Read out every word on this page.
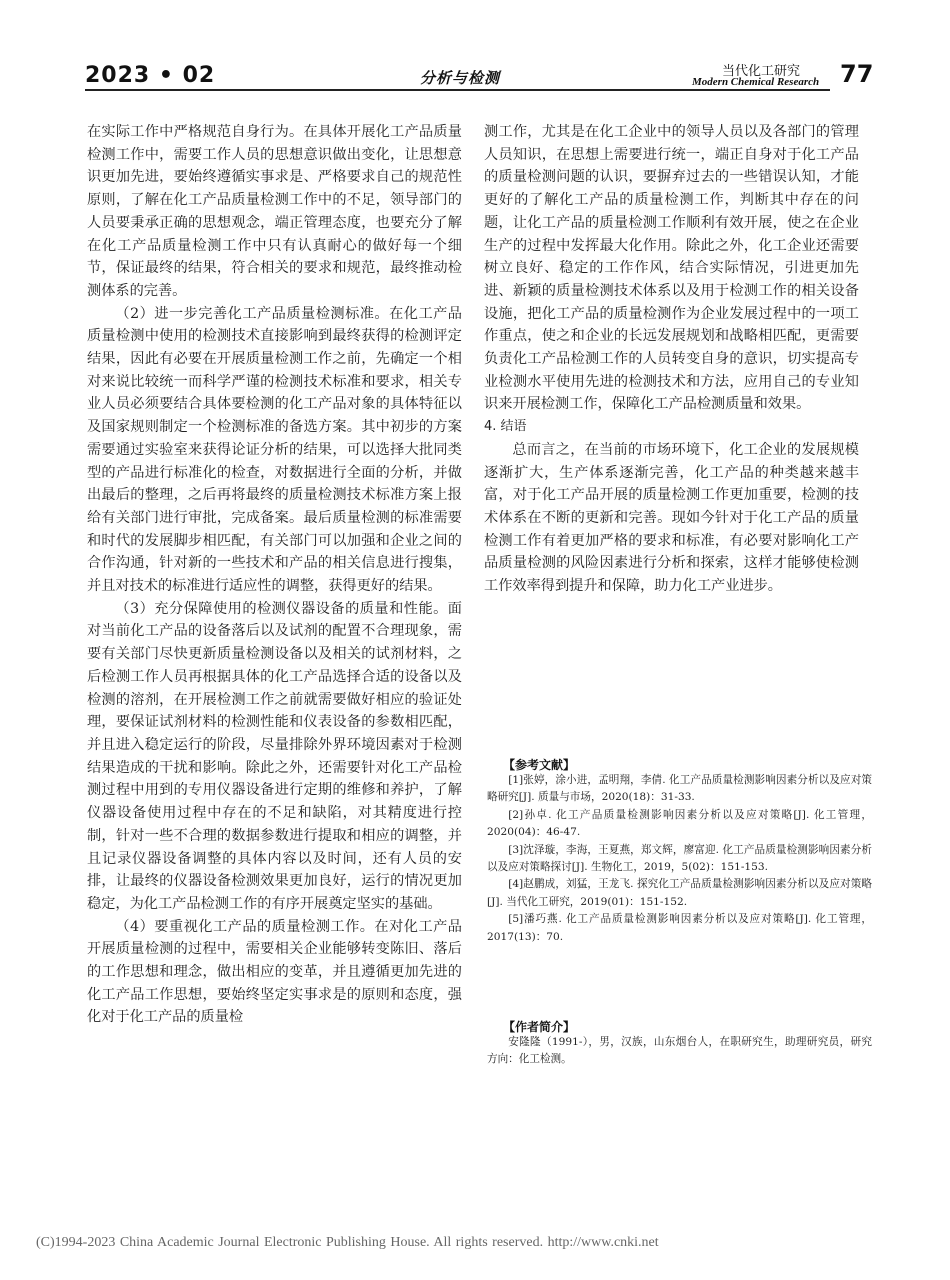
2023 • 02	分析与检测	当代化工研究
Modern Chemical Research 77

在实际工作中严格规范自身行为。在具体开展化工产品质量检测工作中，需要工作人员的思想意识做出变化，让思想意识更加先进，要始终遵循实事求是、严格要求自己的规范性原则，了解在化工产品质量检测工作中的不足，领导部门的人员要秉承正确的思想观念，端正管理态度，也要充分了解在化工产品质量检测工作中只有认真耐心的做好每一个细节，保证最终的结果，符合相关的要求和规范，最终推动检测体系的完善。

（2）进一步完善化工产品质量检测标准。在化工产品质量检测中使用的检测技术直接影响到最终获得的检测评定结果，因此有必要在开展质量检测工作之前，先确定一个相对来说比较统一而科学严谨的检测技术标准和要求，相关专业人员必须要结合具体要检测的化工产品对象的具体特征以及国家规则制定一个检测标准的备选方案。其中初步的方案需要通过实验室来获得论证分析的结果，可以选择大批同类型的产品进行标准化的检查，对数据进行全面的分析，并做出最后的整理，之后再将最终的质量检测技术标准方案上报给有关部门进行审批，完成备案。最后质量检测的标准需要和时代的发展脚步相匹配，有关部门可以加强和企业之间的合作沟通，针对新的一些技术和产品的相关信息进行搜集，并且对技术的标准进行适应性的调整，获得更好的结果。

（3）充分保障使用的检测仪器设备的质量和性能。面对当前化工产品的设备落后以及试剂的配置不合理现象，需要有关部门尽快更新质量检测设备以及相关的试剂材料，之后检测工作人员再根据具体的化工产品选择合适的设备以及检测的溶剂，在开展检测工作之前就需要做好相应的验证处理，要保证试剂材料的检测性能和仪表设备的参数相匹配，并且进入稳定运行的阶段，尽量排除外界环境因素对于检测结果造成的干扰和影响。除此之外，还需要针对化工产品检测过程中用到的专用仪器设备进行定期的维修和养护，了解仪器设备使用过程中存在的不足和缺陷，对其精度进行控制，针对一些不合理的数据参数进行提取和相应的调整，并且记录仪器设备调整的具体内容以及时间，还有人员的安排，让最终的仪器设备检测效果更加良好，运行的情况更加稳定，为化工产品检测工作的有序开展奠定坚实的基础。

（4）要重视化工产品的质量检测工作。在对化工产品开展质量检测的过程中，需要相关企业能够转变陈旧、落后的工作思想和理念，做出相应的变革，并且遵循更加先进的化工产品工作思想，要始终坚定实事求是的原则和态度，强化对于化工产品的质量检

测工作，尤其是在化工企业中的领导人员以及各部门的管理人员知识，在思想上需要进行统一，端正自身对于化工产品的质量检测问题的认识，要摒弃过去的一些错误认知，才能更好的了解化工产品的质量检测工作，判断其中存在的问题，让化工产品的质量检测工作顺利有效开展，使之在企业生产的过程中发挥最大化作用。除此之外，化工企业还需要树立良好、稳定的工作作风，结合实际情况，引进更加先进、新颖的质量检测技术体系以及用于检测工作的相关设备设施，把化工产品的质量检测作为企业发展过程中的一项工作重点，使之和企业的长远发展规划和战略相匹配，更需要负责化工产品检测工作的人员转变自身的意识，切实提高专业检测水平使用先进的检测技术和方法，应用自己的专业知识来开展检测工作，保障化工产品检测质量和效果。

4. 结语

总而言之，在当前的市场环境下，化工企业的发展规模逐渐扩大，生产体系逐渐完善，化工产品的种类越来越丰富，对于化工产品开展的质量检测工作更加重要，检测的技术体系在不断的更新和完善。现如今针对于化工产品的质量检测工作有着更加严格的要求和标准，有必要对影响化工产品质量检测的风险因素进行分析和探索，这样才能够使检测工作效率得到提升和保障，助力化工产业进步。

【参考文献】

[1]张婷，涂小进，孟明翔，李倩. 化工产品质量检测影响因素分析以及应对策略研究[J]. 质量与市场，2020(18)：31-33.

[2]孙卓. 化工产品质量检测影响因素分析以及应对策略[J]. 化工管理，2020(04)：46-47.

[3]沈泽璇，李海，王夏燕，郑文辉，廖富迎. 化工产品质量检测影响因素分析以及应对策略探讨[J]. 生物化工，2019，5(02)：151-153.

[4]赵鹏成，刘猛，王龙飞. 探究化工产品质量检测影响因素分析以及应对策略[J]. 当代化工研究，2019(01)：151-152.

[5]潘巧燕. 化工产品质量检测影响因素分析以及应对策略[J]. 化工管理，2017(13)：70.

【作者简介】

安隆隆（1991-），男，汉族，山东烟台人，在职研究生，助理研究员，研究方向：化工检测。

(C)1994-2023 China Academic Journal Electronic Publishing House. All rights reserved. http://www.cnki.net
